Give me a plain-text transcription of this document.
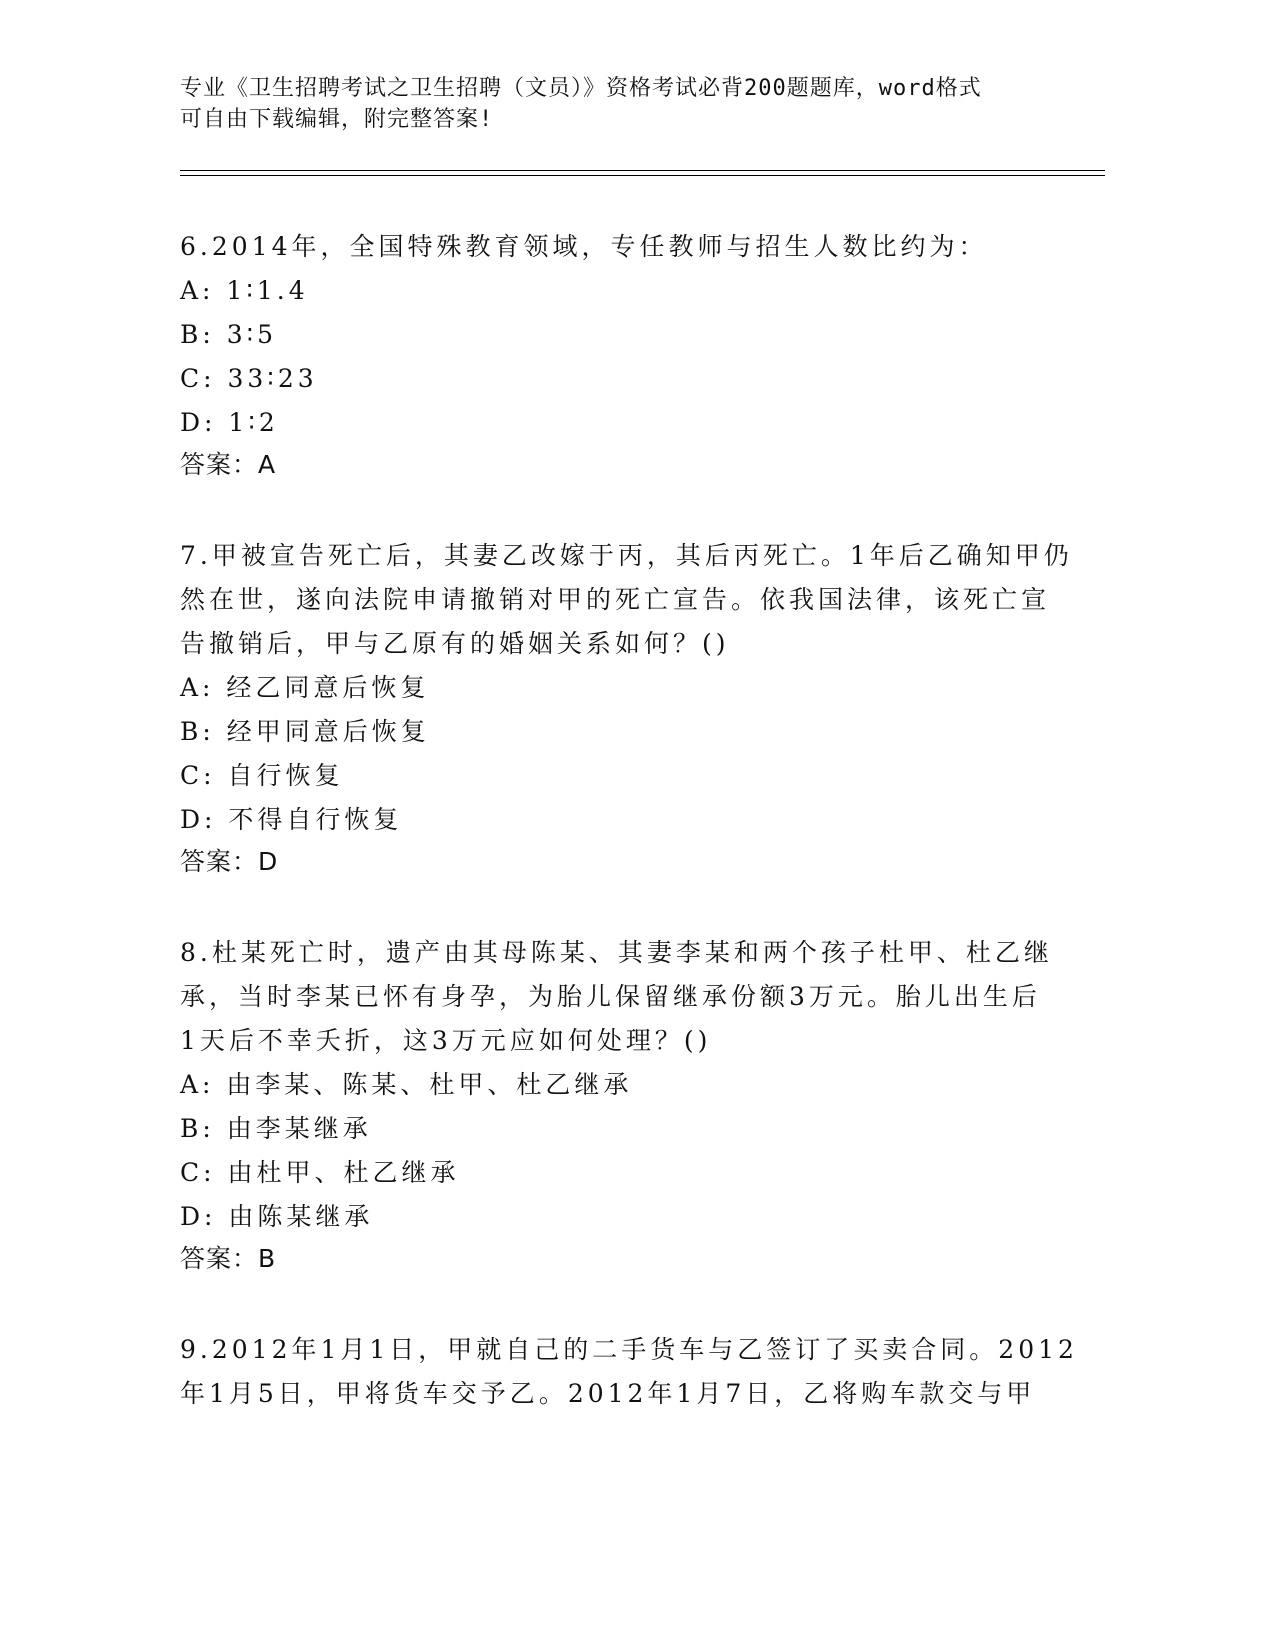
专业《卫生招聘考试之卫生招聘（文员）》资格考试必背200题题库，word格式
可自由下载编辑，附完整答案!
6.2014年，全国特殊教育领域，专任教师与招生人数比约为：
A: 1∶1.4
B: 3∶5
C: 33∶23
D: 1∶2
答案：A
7.甲被宣告死亡后，其妻乙改嫁于丙，其后丙死亡。1年后乙确知甲仍
然在世，遂向法院申请撤销对甲的死亡宣告。依我国法律，该死亡宣
告撤销后，甲与乙原有的婚姻关系如何？()
A: 经乙同意后恢复
B: 经甲同意后恢复
C: 自行恢复
D: 不得自行恢复
答案：D
8.杜某死亡时，遗产由其母陈某、其妻李某和两个孩子杜甲、杜乙继
承，当时李某已怀有身孕，为胎儿保留继承份额3万元。胎儿出生后
1天后不幸夭折，这3万元应如何处理？()
A: 由李某、陈某、杜甲、杜乙继承
B: 由李某继承
C: 由杜甲、杜乙继承
D: 由陈某继承
答案：B
9.2012年1月1日，甲就自己的二手货车与乙签订了买卖合同。2012
年1月5日，甲将货车交予乙。2012年1月7日，乙将购车款交与甲
